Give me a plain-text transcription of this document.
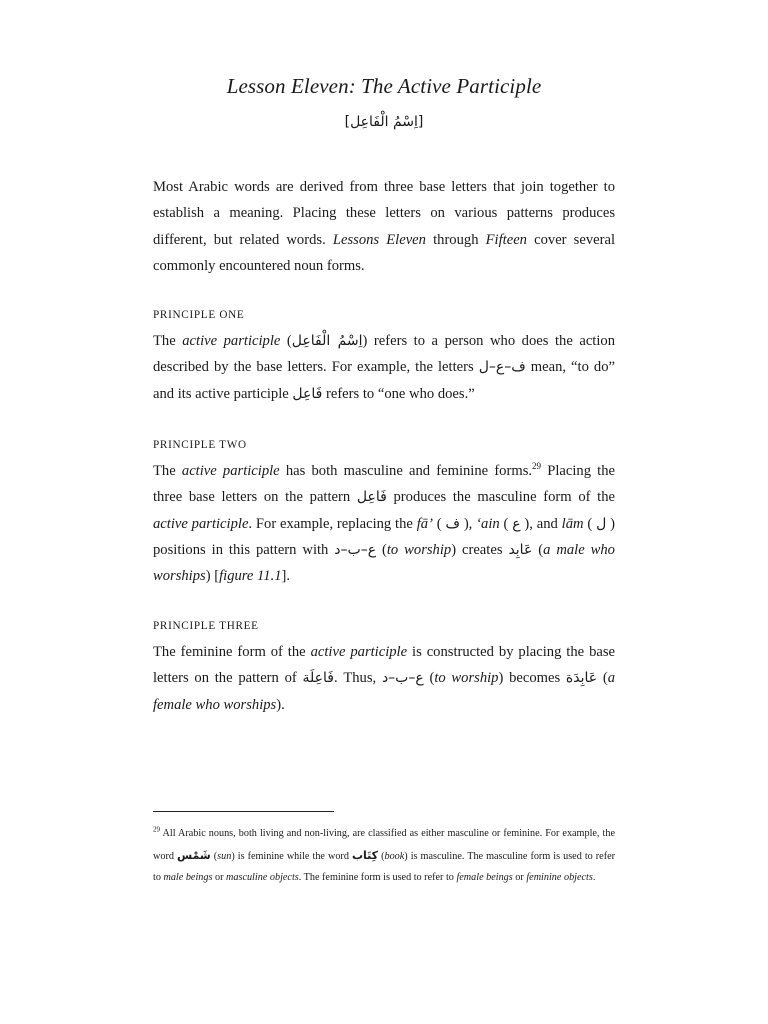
Lesson Eleven: The Active Participle
[اِسْمُ الْفَاعِل]

Most Arabic words are derived from three base letters that join together to establish a meaning. Placing these letters on various patterns produces different, but related words. Lessons Eleven through Fifteen cover several commonly encountered noun forms.

PRINCIPLE ONE

The active participle (اِسْمُ الْفَاعِل) refers to a person who does the action described by the base letters. For example, the letters ف–ع–ل mean, “to do” and its active participle فَاعِل refers to “one who does.”

PRINCIPLE TWO

The active participle has both masculine and feminine forms.$^{29}$ Placing the three base letters on the pattern فَاعِل produces the masculine form of the active participle. For example, replacing the fā’ ( ف ), ‘ain ( ع ), and lām ( ل ) positions in this pattern with ع–ب–د (to worship) creates عَابِد (a male who worships) [figure 11.1].

PRINCIPLE THREE

The feminine form of the active participle is constructed by placing the base letters on the pattern of فَاعِلَة. Thus, ع–ب–د (to worship) becomes عَابِدَة (a female who worships).

$^{29}$ All Arabic nouns, both living and non-living, are classified as either masculine or feminine. For example, the word شَمْس (sun) is feminine while the word كِتَاب (book) is masculine. The masculine form is used to refer to male beings or masculine objects. The feminine form is used to refer to female beings or feminine objects.
